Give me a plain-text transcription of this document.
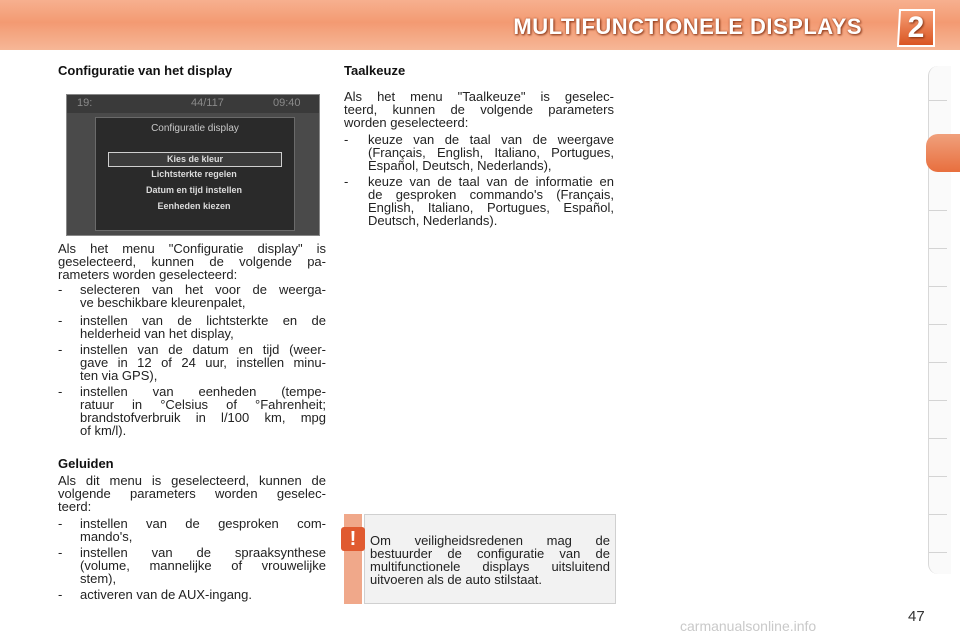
MULTIFUNCTIONELE DISPLAYS	2
Configuratie van het display
19:	44/117	09:40
Configuratie display
Kies de kleur
Lichtsterkte regelen
Datum en tijd instellen
Eenheden kiezen
Als het menu "Configuratie display" is
geselecteerd, kunnen de volgende pa-
rameters worden geselecteerd:
- selecteren van het voor de weerga-
ve beschikbare kleurenpalet,
- instellen van de lichtsterkte en de
helderheid van het display,
- instellen van de datum en tijd (weer-
gave in 12 of 24 uur, instellen minu-
ten via GPS),
- instellen van eenheden (tempe-
ratuur in °Celsius of °Fahrenheit;
brandstofverbruik in l/100 km, mpg
of km/l).
Geluiden
Als dit menu is geselecteerd, kunnen de
volgende parameters worden geselec-
teerd:
- instellen van de gesproken com-
mando's,
- instellen van de spraaksynthese
(volume, mannelijke of vrouwelijke
stem),
- activeren van de AUX-ingang.
Taalkeuze
Als het menu "Taalkeuze" is geselec-
teerd, kunnen de volgende parameters
worden geselecteerd:
- keuze van de taal van de weergave
(Français, English, Italiano, Portugues,
Español, Deutsch, Nederlands),
- keuze van de taal van de informatie en
de gesproken commando's (Français,
English, Italiano, Portugues, Español,
Deutsch, Nederlands).
!	Om veiligheidsredenen mag de
bestuurder de configuratie van de
multifunctionele displays uitsluitend
uitvoeren als de auto stilstaat.
47
carmanualsonline.info
